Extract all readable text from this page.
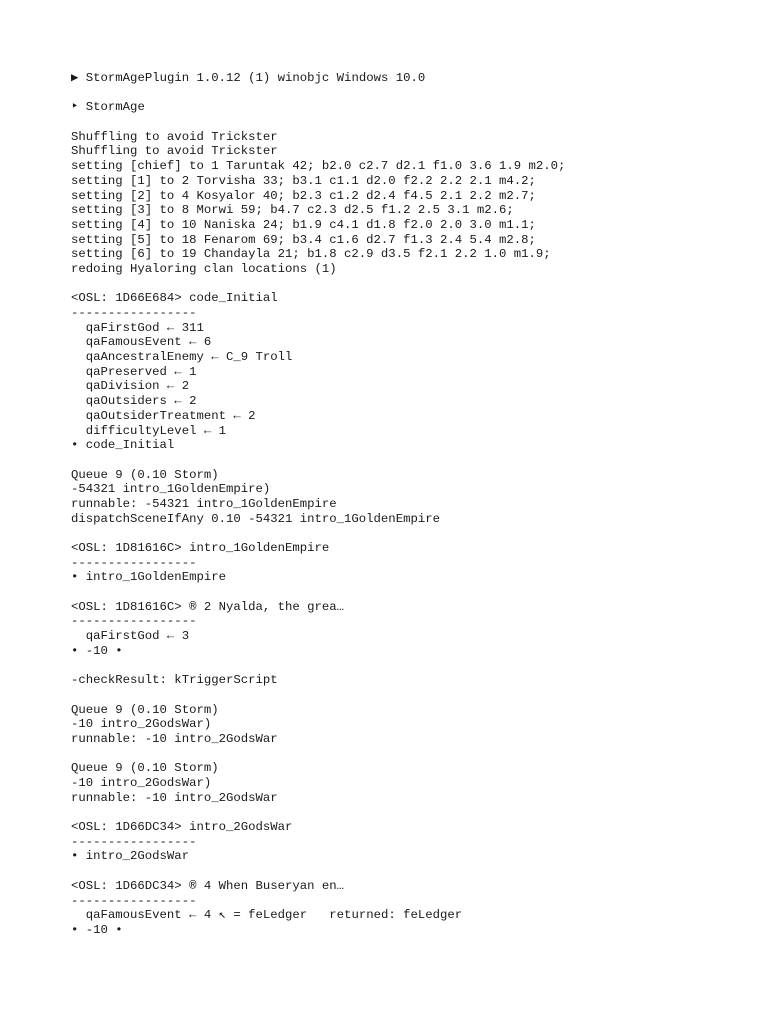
▶ StormAgePlugin 1.0.12 (1) winobjc Windows 10.0
‣ StormAge
Shuffling to avoid Trickster
Shuffling to avoid Trickster
setting [chief] to 1 Taruntak 42; b2.0 c2.7 d2.1 f1.0 3.6 1.9 m2.0;
setting [1] to 2 Torvisha 33; b3.1 c1.1 d2.0 f2.2 2.2 2.1 m4.2;
setting [2] to 4 Kosyalor 40; b2.3 c1.2 d2.4 f4.5 2.1 2.2 m2.7;
setting [3] to 8 Morwi 59; b4.7 c2.3 d2.5 f1.2 2.5 3.1 m2.6;
setting [4] to 10 Naniska 24; b1.9 c4.1 d1.8 f2.0 2.0 3.0 m1.1;
setting [5] to 18 Fenarom 69; b3.4 c1.6 d2.7 f1.3 2.4 5.4 m2.8;
setting [6] to 19 Chandayla 21; b1.8 c2.9 d3.5 f2.1 2.2 1.0 m1.9;
redoing Hyaloring clan locations (1)
<OSL: 1D66E684> code_Initial
-----------------
qaFirstGod ← 311
qaFamousEvent ← 6
qaAncestralEnemy ← C_9 Troll
qaPreserved ← 1
qaDivision ← 2
qaOutsiders ← 2
qaOutsiderTreatment ← 2
difficultyLevel ← 1
• code_Initial
Queue 9 (0.10 Storm)
-54321 intro_1GoldenEmpire)
runnable: -54321 intro_1GoldenEmpire
dispatchSceneIfAny 0.10 -54321 intro_1GoldenEmpire
<OSL: 1D81616C> intro_1GoldenEmpire
-----------------
• intro_1GoldenEmpire
<OSL: 1D81616C> ® 2 Nyalda, the grea…
-----------------
qaFirstGod ← 3
• -10 •
-checkResult: kTriggerScript
Queue 9 (0.10 Storm)
-10 intro_2GodsWar)
runnable: -10 intro_2GodsWar
Queue 9 (0.10 Storm)
-10 intro_2GodsWar)
runnable: -10 intro_2GodsWar
<OSL: 1D66DC34> intro_2GodsWar
-----------------
• intro_2GodsWar
<OSL: 1D66DC34> ® 4 When Buseryan en…
-----------------
qaFamousEvent ← 4 ↖ = feLedger   returned: feLedger
• -10 •
